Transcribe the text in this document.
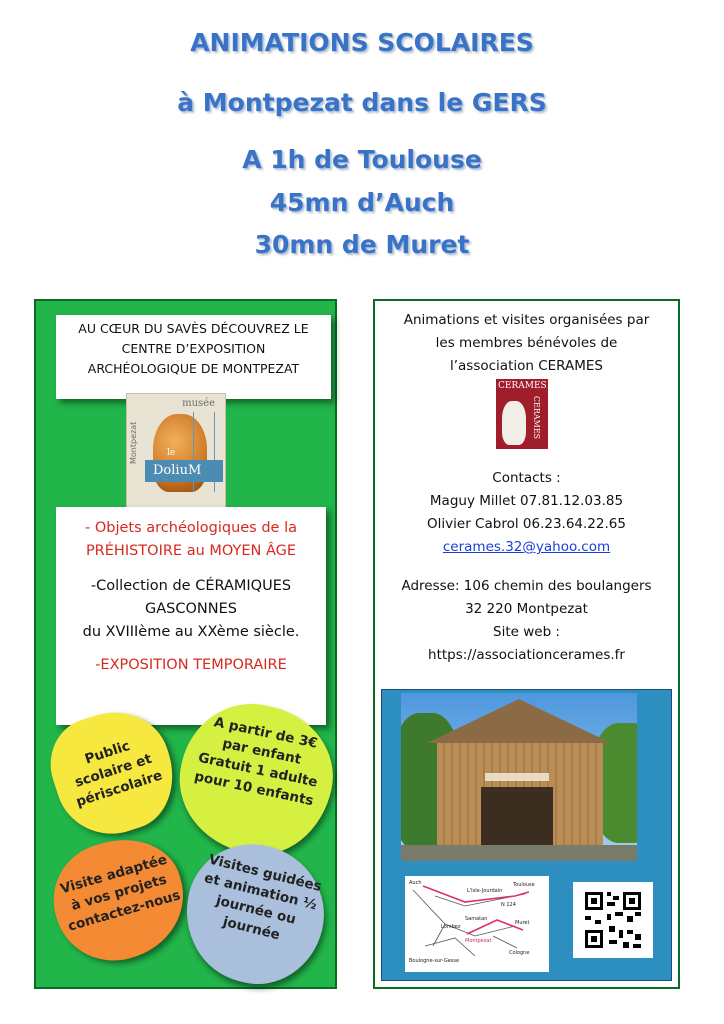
ANIMATIONS SCOLAIRES
à Montpezat dans le GERS
A 1h de Toulouse
45mn d’Auch
30mn de Muret
AU CŒUR DU SAVÈS DÉCOUVREZ LE
CENTRE D’EXPOSITION
ARCHÉOLOGIQUE DE MONTPEZAT
musée
Montpezat	le
DoliuM
- Objets archéologiques de la
PRÉHISTOIRE au MOYEN ÂGE
-Collection de CÉRAMIQUES
GASCONNES
du XVIIIème au XXème siècle.
-EXPOSITION TEMPORAIRE
Public scolaire et périscolaire
A partir de 3€ par enfant Gratuit 1 adulte pour 10 enfants
Visite adaptée à vos projets contactez-nous
Visites guidées et animation ½ journée ou journée
Animations et visites organisées par
les membres bénévoles de
l’association CERAMES
CERAMES
CERAMES
Contacts :
Maguy Millet 07.81.12.03.85
Olivier Cabrol 06.23.64.22.65
cerames.32@yahoo.com
Adresse: 106 chemin des boulangers
32 220 Montpezat
Site web :
https://associationcerames.fr
Auch	Toulouse
L'Isle-Jourdain
N 124
Samatan
Muret
Lombez
Montpezat
Cologne
Boulogne-sur-Gesse
